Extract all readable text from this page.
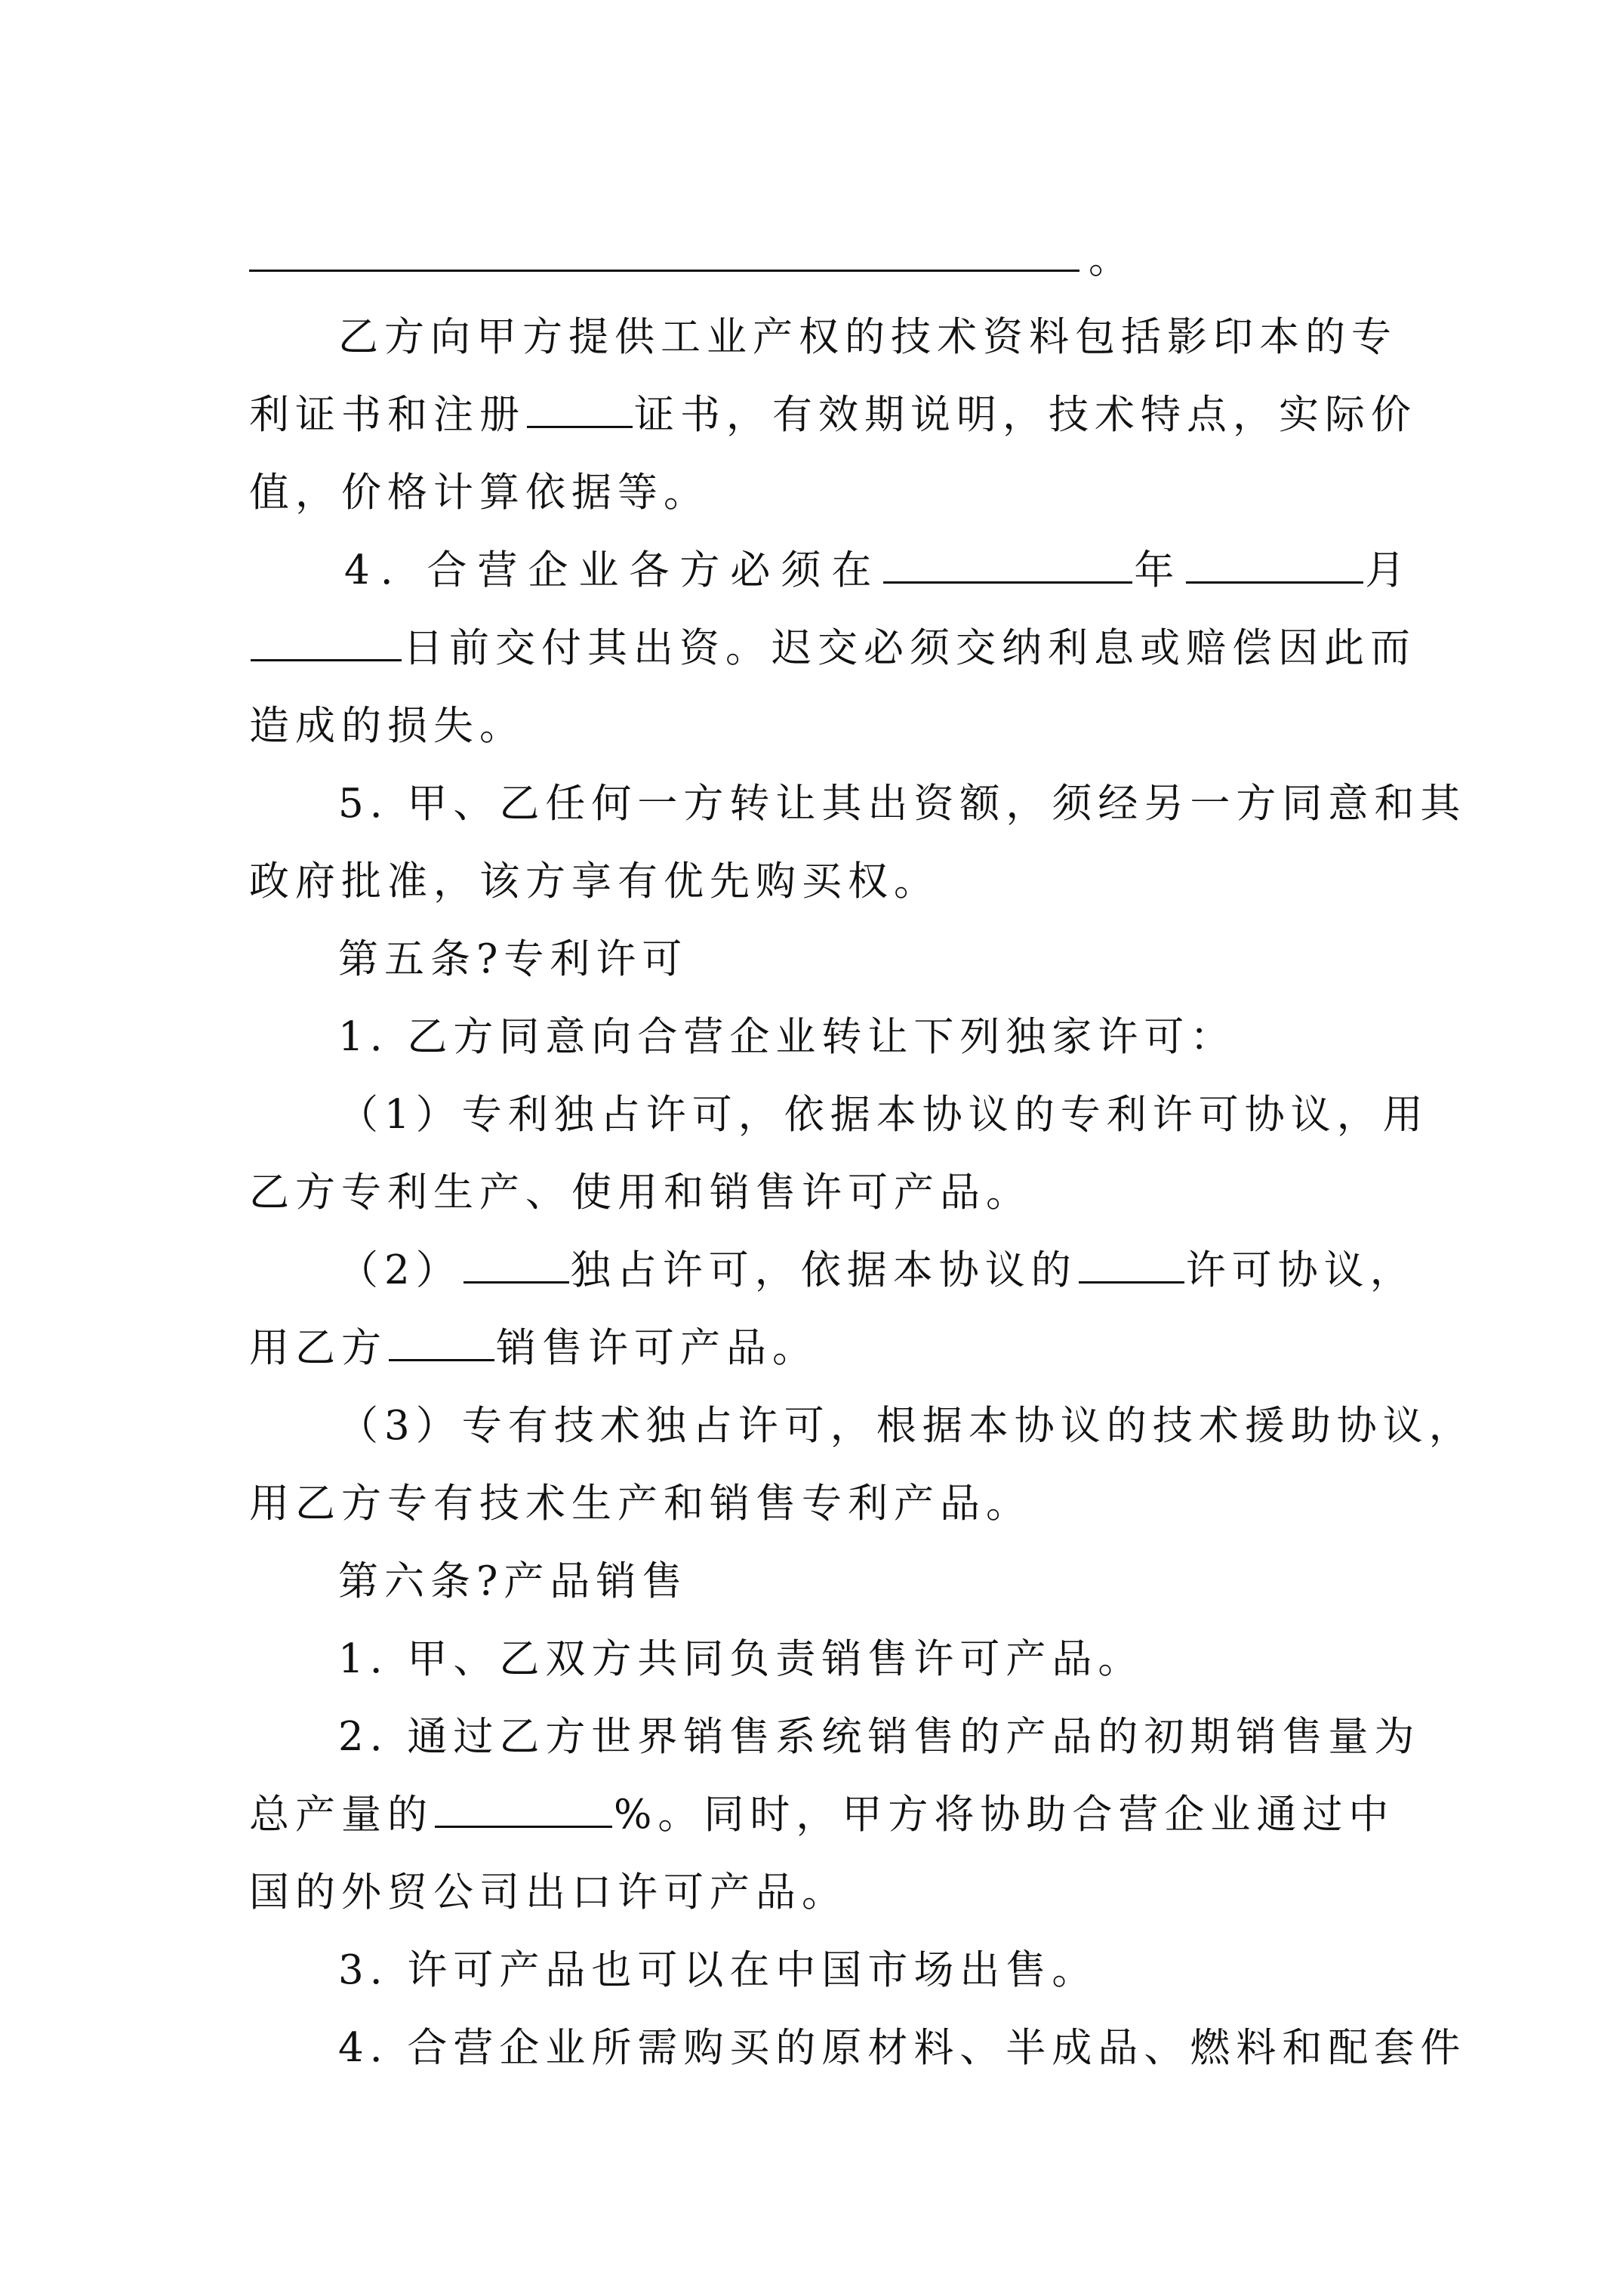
。
乙方向甲方提供工业产权的技术资料包括影印本的专
利证书和注册	证书，有效期说明，技术特点，实际价
值，价格计算依据等。
4. 合营企业各方必须在	年	月
日前交付其出资。迟交必须交纳利息或赔偿因此而
造成的损失。
5. 甲、乙任何一方转让其出资额，须经另一方同意和其
政府批准，该方享有优先购买权。
第五条?专利许可
1. 乙方同意向合营企业转让下列独家许可：
（1）专利独占许可，依据本协议的专利许可协议，用
乙方专利生产、使用和销售许可产品。
（2）	独占许可，依据本协议的	许可协议，
用乙方	销售许可产品。
（3）专有技术独占许可，根据本协议的技术援助协议，
用乙方专有技术生产和销售专利产品。
第六条?产品销售
1. 甲、乙双方共同负责销售许可产品。
2. 通过乙方世界销售系统销售的产品的初期销售量为
总产量的	%。同时，甲方将协助合营企业通过中
国的外贸公司出口许可产品。
3. 许可产品也可以在中国市场出售。
4. 合营企业所需购买的原材料、半成品、燃料和配套件
